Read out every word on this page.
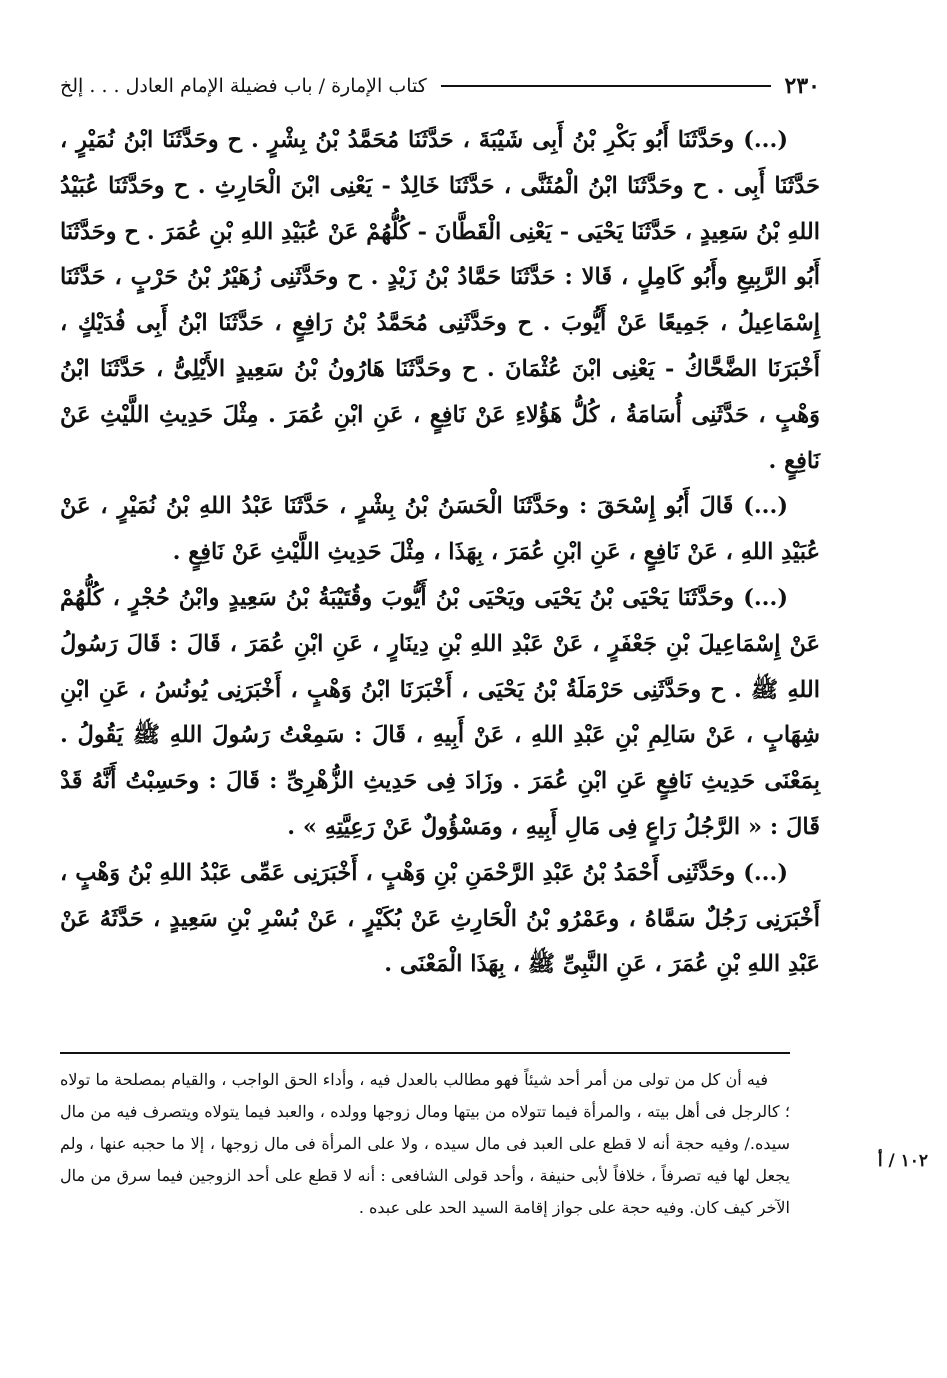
٢٣٠
كتاب الإمارة / باب فضيلة الإمام العادل . . . إلخ

(...) وحَدَّثَنَا أَبُو بَكْرِ بْنُ أَبِى شَيْبَةَ ، حَدَّثَنَا مُحَمَّدُ بْنُ بِشْرٍ . ح وحَدَّثَنَا ابْنُ نُمَيْرٍ ، حَدَّثَنَا أَبِى . ح وحَدَّثَنَا ابْنُ الْمُثَنَّى ، حَدَّثَنَا خَالِدٌ - يَعْنِى ابْنَ الْحَارِثِ . ح وحَدَّثَنَا عُبَيْدُ اللهِ بْنُ سَعِيدٍ ، حَدَّثَنَا يَحْيَى - يَعْنِى الْقَطَّانَ - كُلُّهُمْ عَنْ عُبَيْدِ اللهِ بْنِ عُمَرَ . ح وحَدَّثَنَا أَبُو الرَّبِيعِ وأَبُو كَامِلٍ ، قَالا : حَدَّثَنَا حَمَّادُ بْنُ زَيْدٍ . ح وحَدَّثَنِى زُهَيْرُ بْنُ حَرْبٍ ، حَدَّثَنَا إِسْمَاعِيلُ ، جَمِيعًا عَنْ أَيُّوبَ . ح وحَدَّثَنِى مُحَمَّدُ بْنُ رَافِعٍ ، حَدَّثَنَا ابْنُ أَبِى فُدَيْكٍ ، أَخْبَرَنَا الضَّحَّاكُ - يَعْنِى ابْنَ عُثْمَانَ . ح وحَدَّثَنَا هَارُونُ بْنُ سَعِيدٍ الأَيْلِىُّ ، حَدَّثَنَا ابْنُ وَهْبٍ ، حَدَّثَنِى أُسَامَةُ ، كُلُّ هَؤُلاءِ عَنْ نَافِعٍ ، عَنِ ابْنِ عُمَرَ . مِثْلَ حَدِيثِ اللَّيْثِ عَنْ نَافِعٍ .

(...) قَالَ أَبُو إِسْحَقَ : وحَدَّثَنَا الْحَسَنُ بْنُ بِشْرٍ ، حَدَّثَنَا عَبْدُ اللهِ بْنُ نُمَيْرٍ ، عَنْ عُبَيْدِ اللهِ ، عَنْ نَافِعٍ ، عَنِ ابْنِ عُمَرَ ، بِهَذَا ، مِثْلَ حَدِيثِ اللَّيْثِ عَنْ نَافِعٍ .

(...) وحَدَّثَنَا يَحْيَى بْنُ يَحْيَى ويَحْيَى بْنُ أَيُّوبَ وقُتَيْبَةُ بْنُ سَعِيدٍ وابْنُ حُجْرٍ ، كُلُّهُمْ عَنْ إِسْمَاعِيلَ بْنِ جَعْفَرٍ ، عَنْ عَبْدِ اللهِ بْنِ دِينَارٍ ، عَنِ ابْنِ عُمَرَ ، قَالَ : قَالَ رَسُولُ اللهِ ﷺ . ح وحَدَّثَنِى حَرْمَلَةُ بْنُ يَحْيَى ، أَخْبَرَنَا ابْنُ وَهْبٍ ، أَخْبَرَنِى يُونُسُ ، عَنِ ابْنِ شِهَابٍ ، عَنْ سَالِمِ بْنِ عَبْدِ اللهِ ، عَنْ أَبِيهِ ، قَالَ : سَمِعْتُ رَسُولَ اللهِ ﷺ يَقُولُ . بِمَعْنَى حَدِيثِ نَافِعٍ عَنِ ابْنِ عُمَرَ . وزَادَ فِى حَدِيثِ الزُّهْرِىِّ : قَالَ : وحَسِبْتُ أَنَّهُ قَدْ قَالَ : « الرَّجُلُ رَاعٍ فِى مَالِ أَبِيهِ ، ومَسْؤُولٌ عَنْ رَعِيَّتِهِ » .

(...) وحَدَّثَنِى أَحْمَدُ بْنُ عَبْدِ الرَّحْمَنِ بْنِ وَهْبٍ ، أَخْبَرَنِى عَمِّى عَبْدُ اللهِ بْنُ وَهْبٍ ، أَخْبَرَنِى رَجُلٌ سَمَّاهُ ، وعَمْرُو بْنُ الْحَارِثِ عَنْ بُكَيْرٍ ، عَنْ بُسْرِ بْنِ سَعِيدٍ ، حَدَّثَهُ عَنْ عَبْدِ اللهِ بْنِ عُمَرَ ، عَنِ النَّبِىِّ ﷺ ، بِهَذَا الْمَعْنَى .

فيه أن كل من تولى من أمر أحد شيئاً فهو مطالب بالعدل فيه ، وأداء الحق الواجب ، والقيام بمصلحة ما تولاه ؛ كالرجل فى أهل بيته ، والمرأة فيما تتولاه من بيتها ومال زوجها وولده ، والعبد فيما يتولاه ويتصرف فيه من مال سيده./ وفيه حجة أنه لا قطع على العبد فى مال سيده ، ولا على المرأة فى مال زوجها ، إلا ما حجبه عنها ، ولم يجعل لها فيه تصرفاً ، خلافاً لأبى حنيفة ، وأحد قولى الشافعى : أنه لا قطع على أحد الزوجين فيما سرق من مال الآخر كيف كان. وفيه حجة على جواز إقامة السيد الحد على عبده .

١٠٢ / أ
